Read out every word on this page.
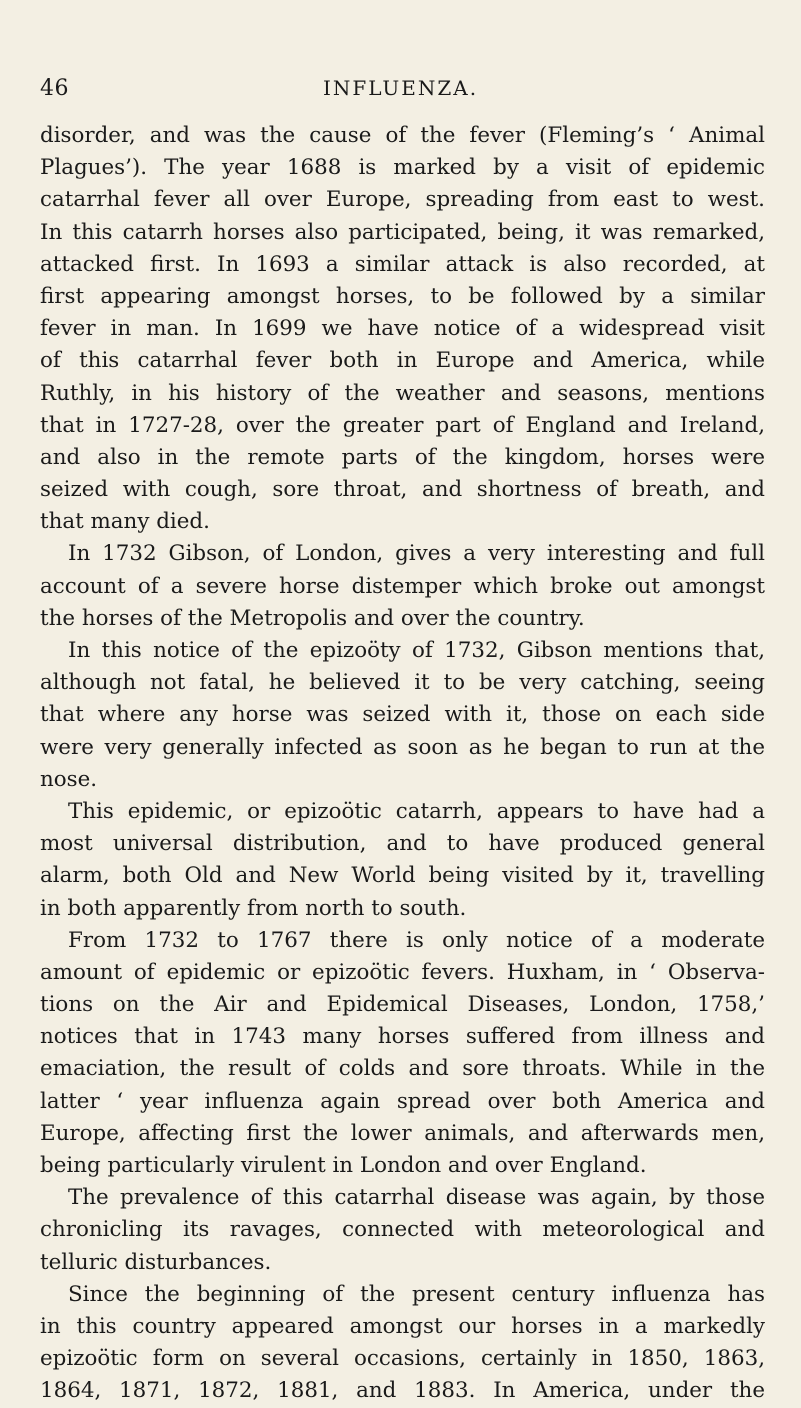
46	INFLUENZA.
disorder, and was the cause of the fever (Fleming’s ‘ Animal
Plagues’). The year 1688 is marked by a visit of epidemic
catarrhal fever all over Europe, spreading from east to west.
In this catarrh horses also participated, being, it was remarked,
attacked first. In 1693 a similar attack is also recorded, at
first appearing amongst horses, to be followed by a similar
fever in man. In 1699 we have notice of a widespread visit
of this catarrhal fever both in Europe and America, while
Ruthly, in his history of the weather and seasons, mentions
that in 1727-28, over the greater part of England and Ireland,
and also in the remote parts of the kingdom, horses were
seized with cough, sore throat, and shortness of breath, and
that many died.
In 1732 Gibson, of London, gives a very interesting and full
account of a severe horse distemper which broke out amongst
the horses of the Metropolis and over the country.
In this notice of the epizoöty of 1732, Gibson mentions that,
although not fatal, he believed it to be very catching, seeing
that where any horse was seized with it, those on each side
were very generally infected as soon as he began to run at the
nose.
This epidemic, or epizoötic catarrh, appears to have had a
most universal distribution, and to have produced general
alarm, both Old and New World being visited by it, travelling
in both apparently from north to south.
From 1732 to 1767 there is only notice of a moderate
amount of epidemic or epizoötic fevers. Huxham, in ‘ Observa-
tions on the Air and Epidemical Diseases, London, 1758,’
notices that in 1743 many horses suffered from illness and
emaciation, the result of colds and sore throats. While in the
latter ‘ year influenza again spread over both America and
Europe, affecting first the lower animals, and afterwards men,
being particularly virulent in London and over England.
The prevalence of this catarrhal disease was again, by those
chronicling its ravages, connected with meteorological and
telluric disturbances.
Since the beginning of the present century influenza has
in this country appeared amongst our horses in a markedly
epizoötic form on several occasions, certainly in 1850, 1863,
1864, 1871, 1872, 1881, and 1883. In America, under the
